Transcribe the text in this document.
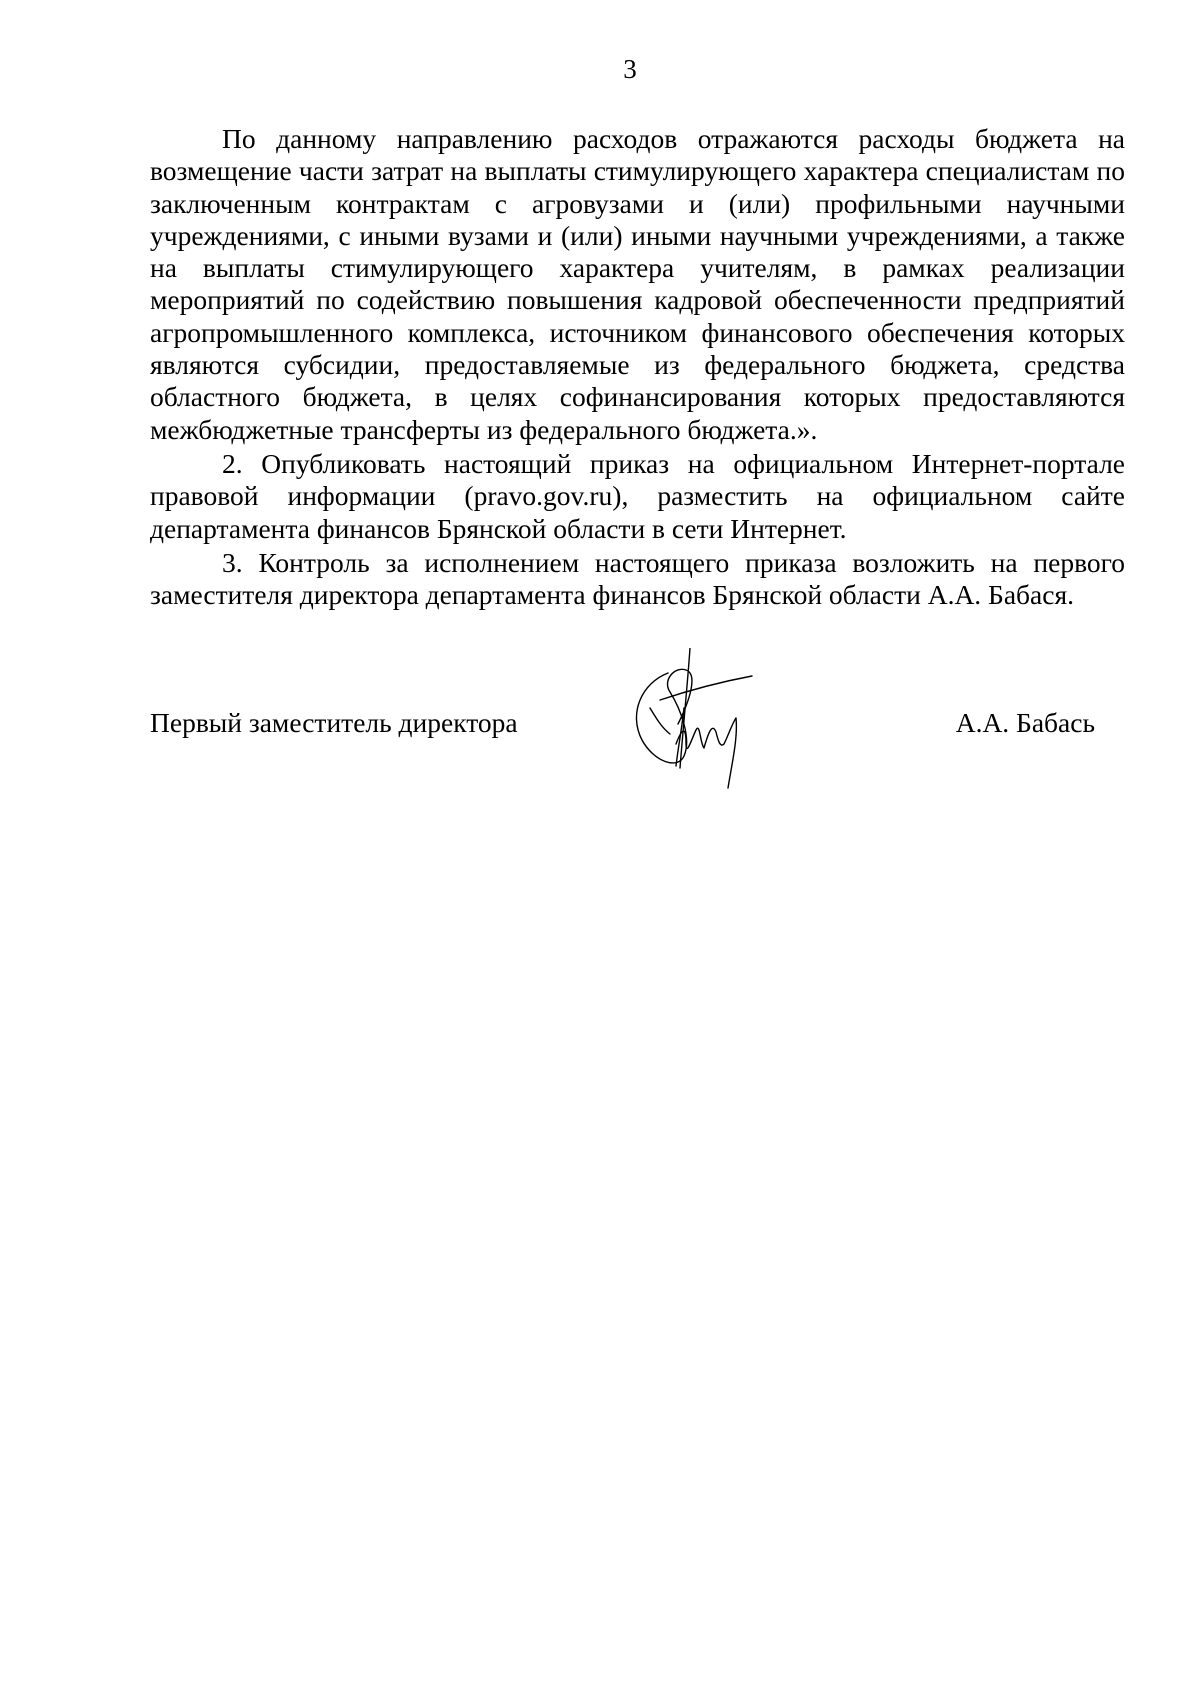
3

По данному направлению расходов отражаются расходы бюджета на возмещение части затрат на выплаты стимулирующего характера специалистам по заключенным контрактам с агровузами и (или) профильными научными учреждениями, с иными вузами и (или) иными научными учреждениями, а также на выплаты стимулирующего характера учителям, в рамках реализации мероприятий по содействию повышения кадровой обеспеченности предприятий агропромышленного комплекса, источником финансового обеспечения которых являются субсидии, предоставляемые из федерального бюджета, средства областного бюджета, в целях софинансирования которых предоставляются межбюджетные трансферты из федерального бюджета.».

2. Опубликовать настоящий приказ на официальном Интернет-портале правовой информации (pravo.gov.ru), разместить на официальном сайте департамента финансов Брянской области в сети Интернет.

3. Контроль за исполнением настоящего приказа возложить на первого заместителя директора департамента финансов Брянской области А.А. Бабася.

Первый заместитель директора	А.А. Бабась
